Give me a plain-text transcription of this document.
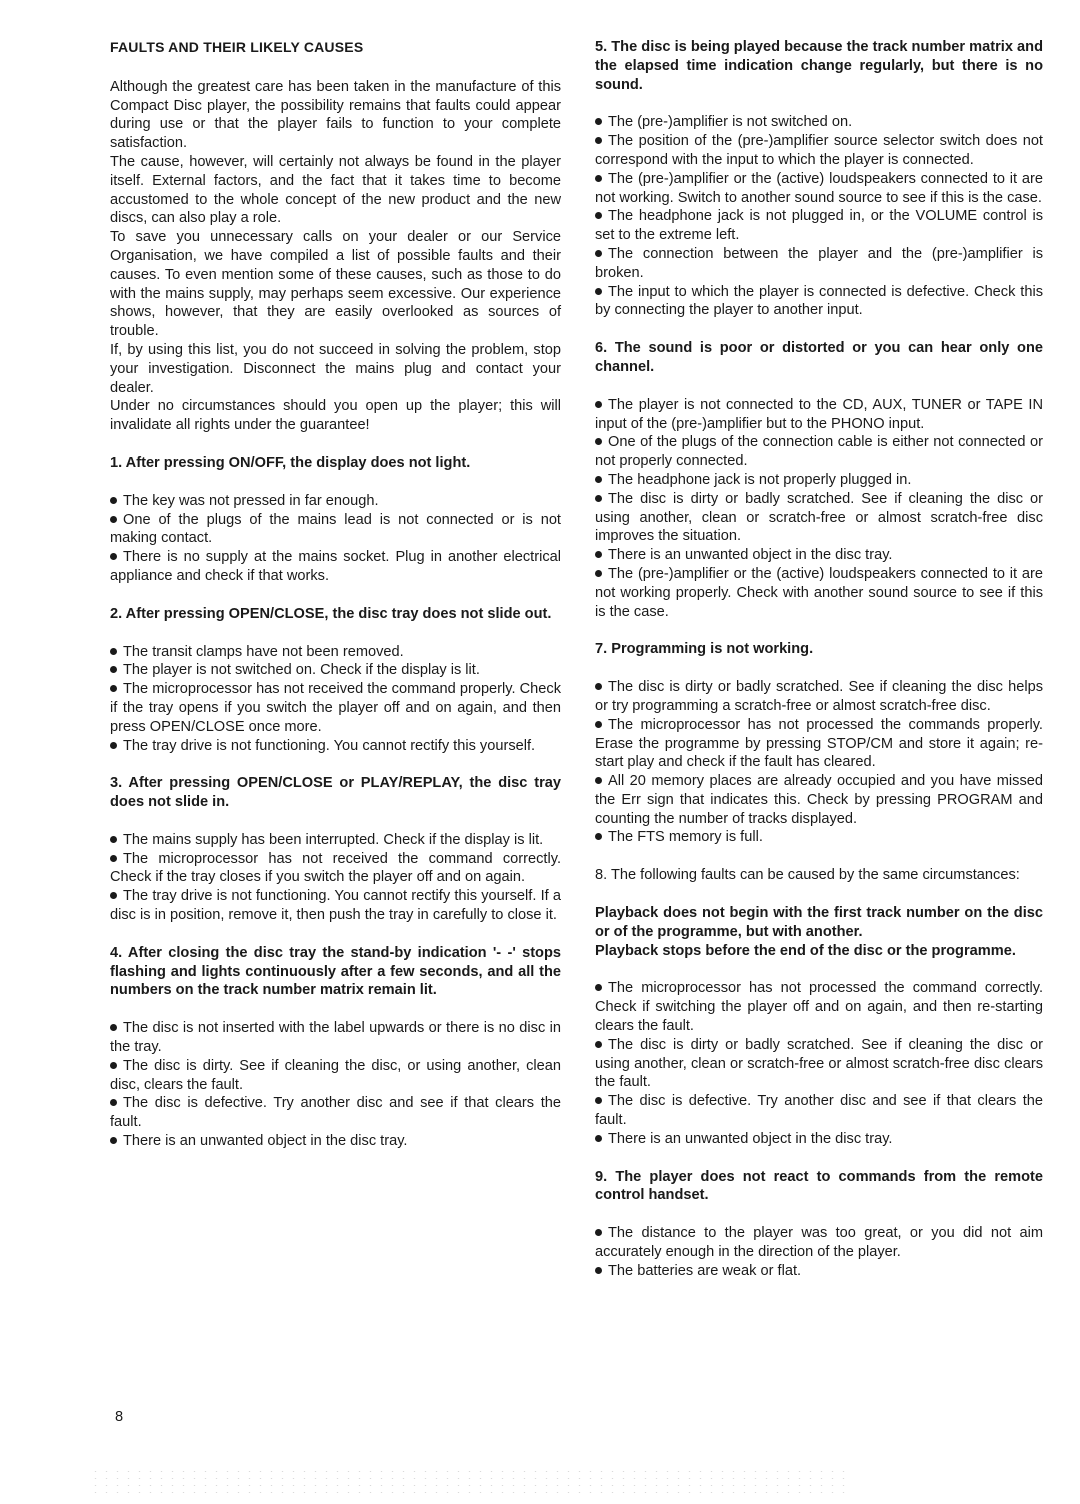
FAULTS AND THEIR LIKELY CAUSES

Although the greatest care has been taken in the manufacture of this Compact Disc player, the possibility remains that faults could appear during use or that the player fails to function to your complete satisfaction.

The cause, however, will certainly not always be found in the player itself. External factors, and the fact that it takes time to become accustomed to the whole concept of the new product and the new discs, can also play a role.

To save you unnecessary calls on your dealer or our Service Organisation, we have compiled a list of possible faults and their causes. To even mention some of these causes, such as those to do with the mains supply, may perhaps seem excessive. Our experience shows, however, that they are easily overlooked as sources of trouble.

If, by using this list, you do not succeed in solving the problem, stop your investigation. Disconnect the mains plug and contact your dealer.

Under no circumstances should you open up the player; this will invalidate all rights under the guarantee!

1. After pressing ON/OFF, the display does not light.

The key was not pressed in far enough.

One of the plugs of the mains lead is not connected or is not making contact.

There is no supply at the mains socket. Plug in another electrical appliance and check if that works.

2. After pressing OPEN/CLOSE, the disc tray does not slide out.

The transit clamps have not been removed.

The player is not switched on. Check if the display is lit.

The microprocessor has not received the command properly. Check if the tray opens if you switch the player off and on again, and then press OPEN/CLOSE once more.

The tray drive is not functioning. You cannot rectify this yourself.

3. After pressing OPEN/CLOSE or PLAY/REPLAY, the disc tray does not slide in.

The mains supply has been interrupted. Check if the display is lit.

The microprocessor has not received the command correctly. Check if the tray closes if you switch the player off and on again.

The tray drive is not functioning. You cannot rectify this yourself. If a disc is in position, remove it, then push the tray in carefully to close it.

4. After closing the disc tray the stand-by indication '- -' stops flashing and lights continuously after a few seconds, and all the numbers on the track number matrix remain lit.

The disc is not inserted with the label upwards or there is no disc in the tray.

The disc is dirty. See if cleaning the disc, or using another, clean disc, clears the fault.

The disc is defective. Try another disc and see if that clears the fault.

There is an unwanted object in the disc tray.

5. The disc is being played because the track number matrix and the elapsed time indication change regularly, but there is no sound.

The (pre-)amplifier is not switched on.

The position of the (pre-)amplifier source selector switch does not correspond with the input to which the player is connected.

The (pre-)amplifier or the (active) loudspeakers connected to it are not working. Switch to another sound source to see if this is the case.

The headphone jack is not plugged in, or the VOLUME control is set to the extreme left.

The connection between the player and the (pre-)amplifier is broken.

The input to which the player is connected is defective. Check this by connecting the player to another input.

6. The sound is poor or distorted or you can hear only one channel.

The player is not connected to the CD, AUX, TUNER or TAPE IN input of the (pre-)amplifier but to the PHONO input.

One of the plugs of the connection cable is either not connected or not properly connected.

The headphone jack is not properly plugged in.

The disc is dirty or badly scratched. See if cleaning the disc or using another, clean or scratch-free or almost scratch-free disc improves the situation.

There is an unwanted object in the disc tray.

The (pre-)amplifier or the (active) loudspeakers connected to it are not working properly. Check with another sound source to see if this is the case.

7. Programming is not working.

The disc is dirty or badly scratched. See if cleaning the disc helps or try programming a scratch-free or almost scratch-free disc.

The microprocessor has not processed the commands properly. Erase the programme by pressing STOP/CM and store it again; re-start play and check if the fault has cleared.

All 20 memory places are already occupied and you have missed the Err sign that indicates this. Check by pressing PROGRAM and counting the number of tracks displayed.

The FTS memory is full.

8. The following faults can be caused by the same circumstances:

Playback does not begin with the first track number on the disc or of the programme, but with another.

Playback stops before the end of the disc or the programme.

The microprocessor has not processed the command correctly. Check if switching the player off and on again, and then re-starting clears the fault.

The disc is dirty or badly scratched. See if cleaning the disc or using another, clean or scratch-free or almost scratch-free disc clears the fault.

The disc is defective. Try another disc and see if that clears the fault.

There is an unwanted object in the disc tray.

9. The player does not react to commands from the remote control handset.

The distance to the player was too great, or you did not aim accurately enough in the direction of the player.

The batteries are weak or flat.

8
